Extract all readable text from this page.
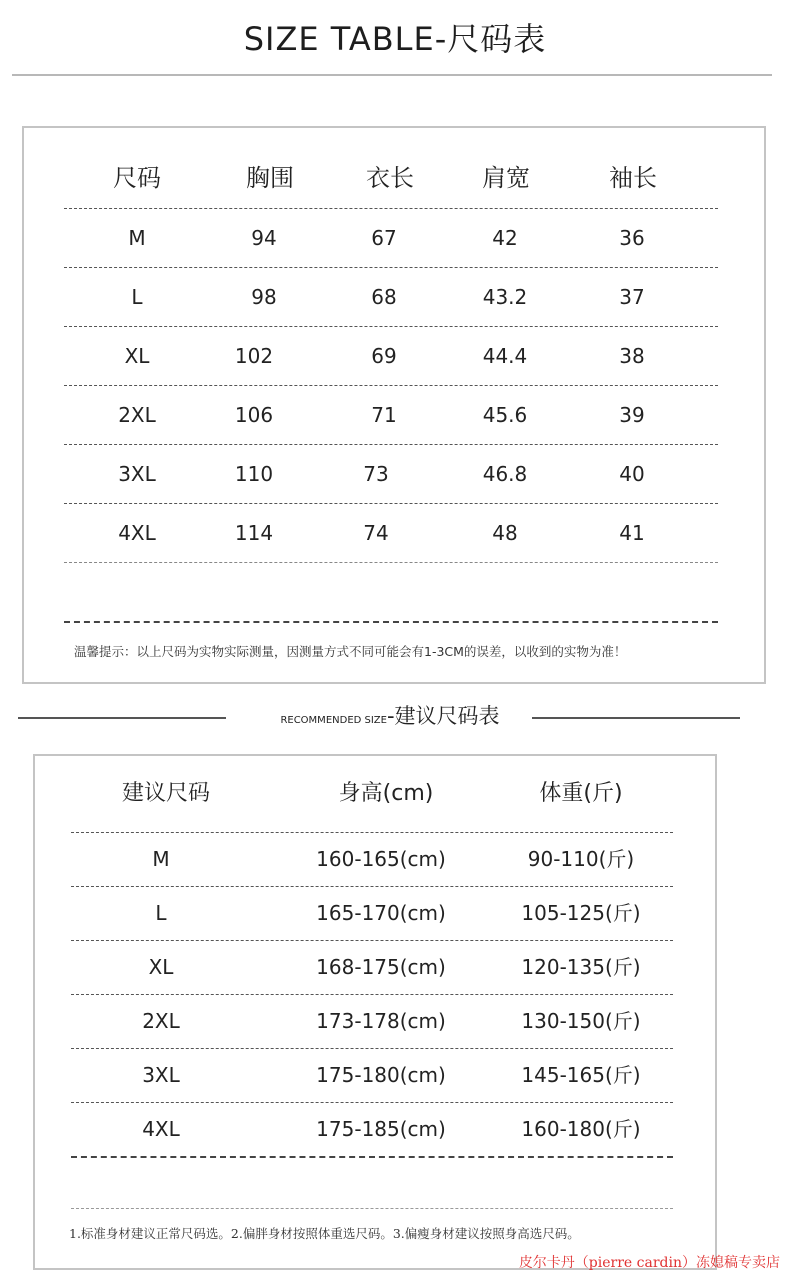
SIZE TABLE-尺码表
尺码	胸围	衣长	肩宽	袖长
M	94	67	42	36
L	98	68	43.2	37
XL	102	69	44.4	38
2XL	106	71	45.6	39
3XL	110	73	46.8	40
4XL	114	74	48	41
温馨提示：以上尺码为实物实际测量，因测量方式不同可能会有1-3CM的误差，以收到的实物为准！
RECOMMENDED SIZE-建议尺码表
建议尺码	身高(cm)	体重(斤)
M	160-165(cm)	90-110(斤)
L	165-170(cm)	105-125(斤)
XL	168-175(cm)	120-135(斤)
2XL	173-178(cm)	130-150(斤)
3XL	175-180(cm)	145-165(斤)
4XL	175-185(cm)	160-180(斤)
1.标准身材建议正常尺码选。2.偏胖身材按照体重选尺码。3.偏瘦身材建议按照身高选尺码。
皮尔卡丹（pierre cardin）冻媳稿专卖店
